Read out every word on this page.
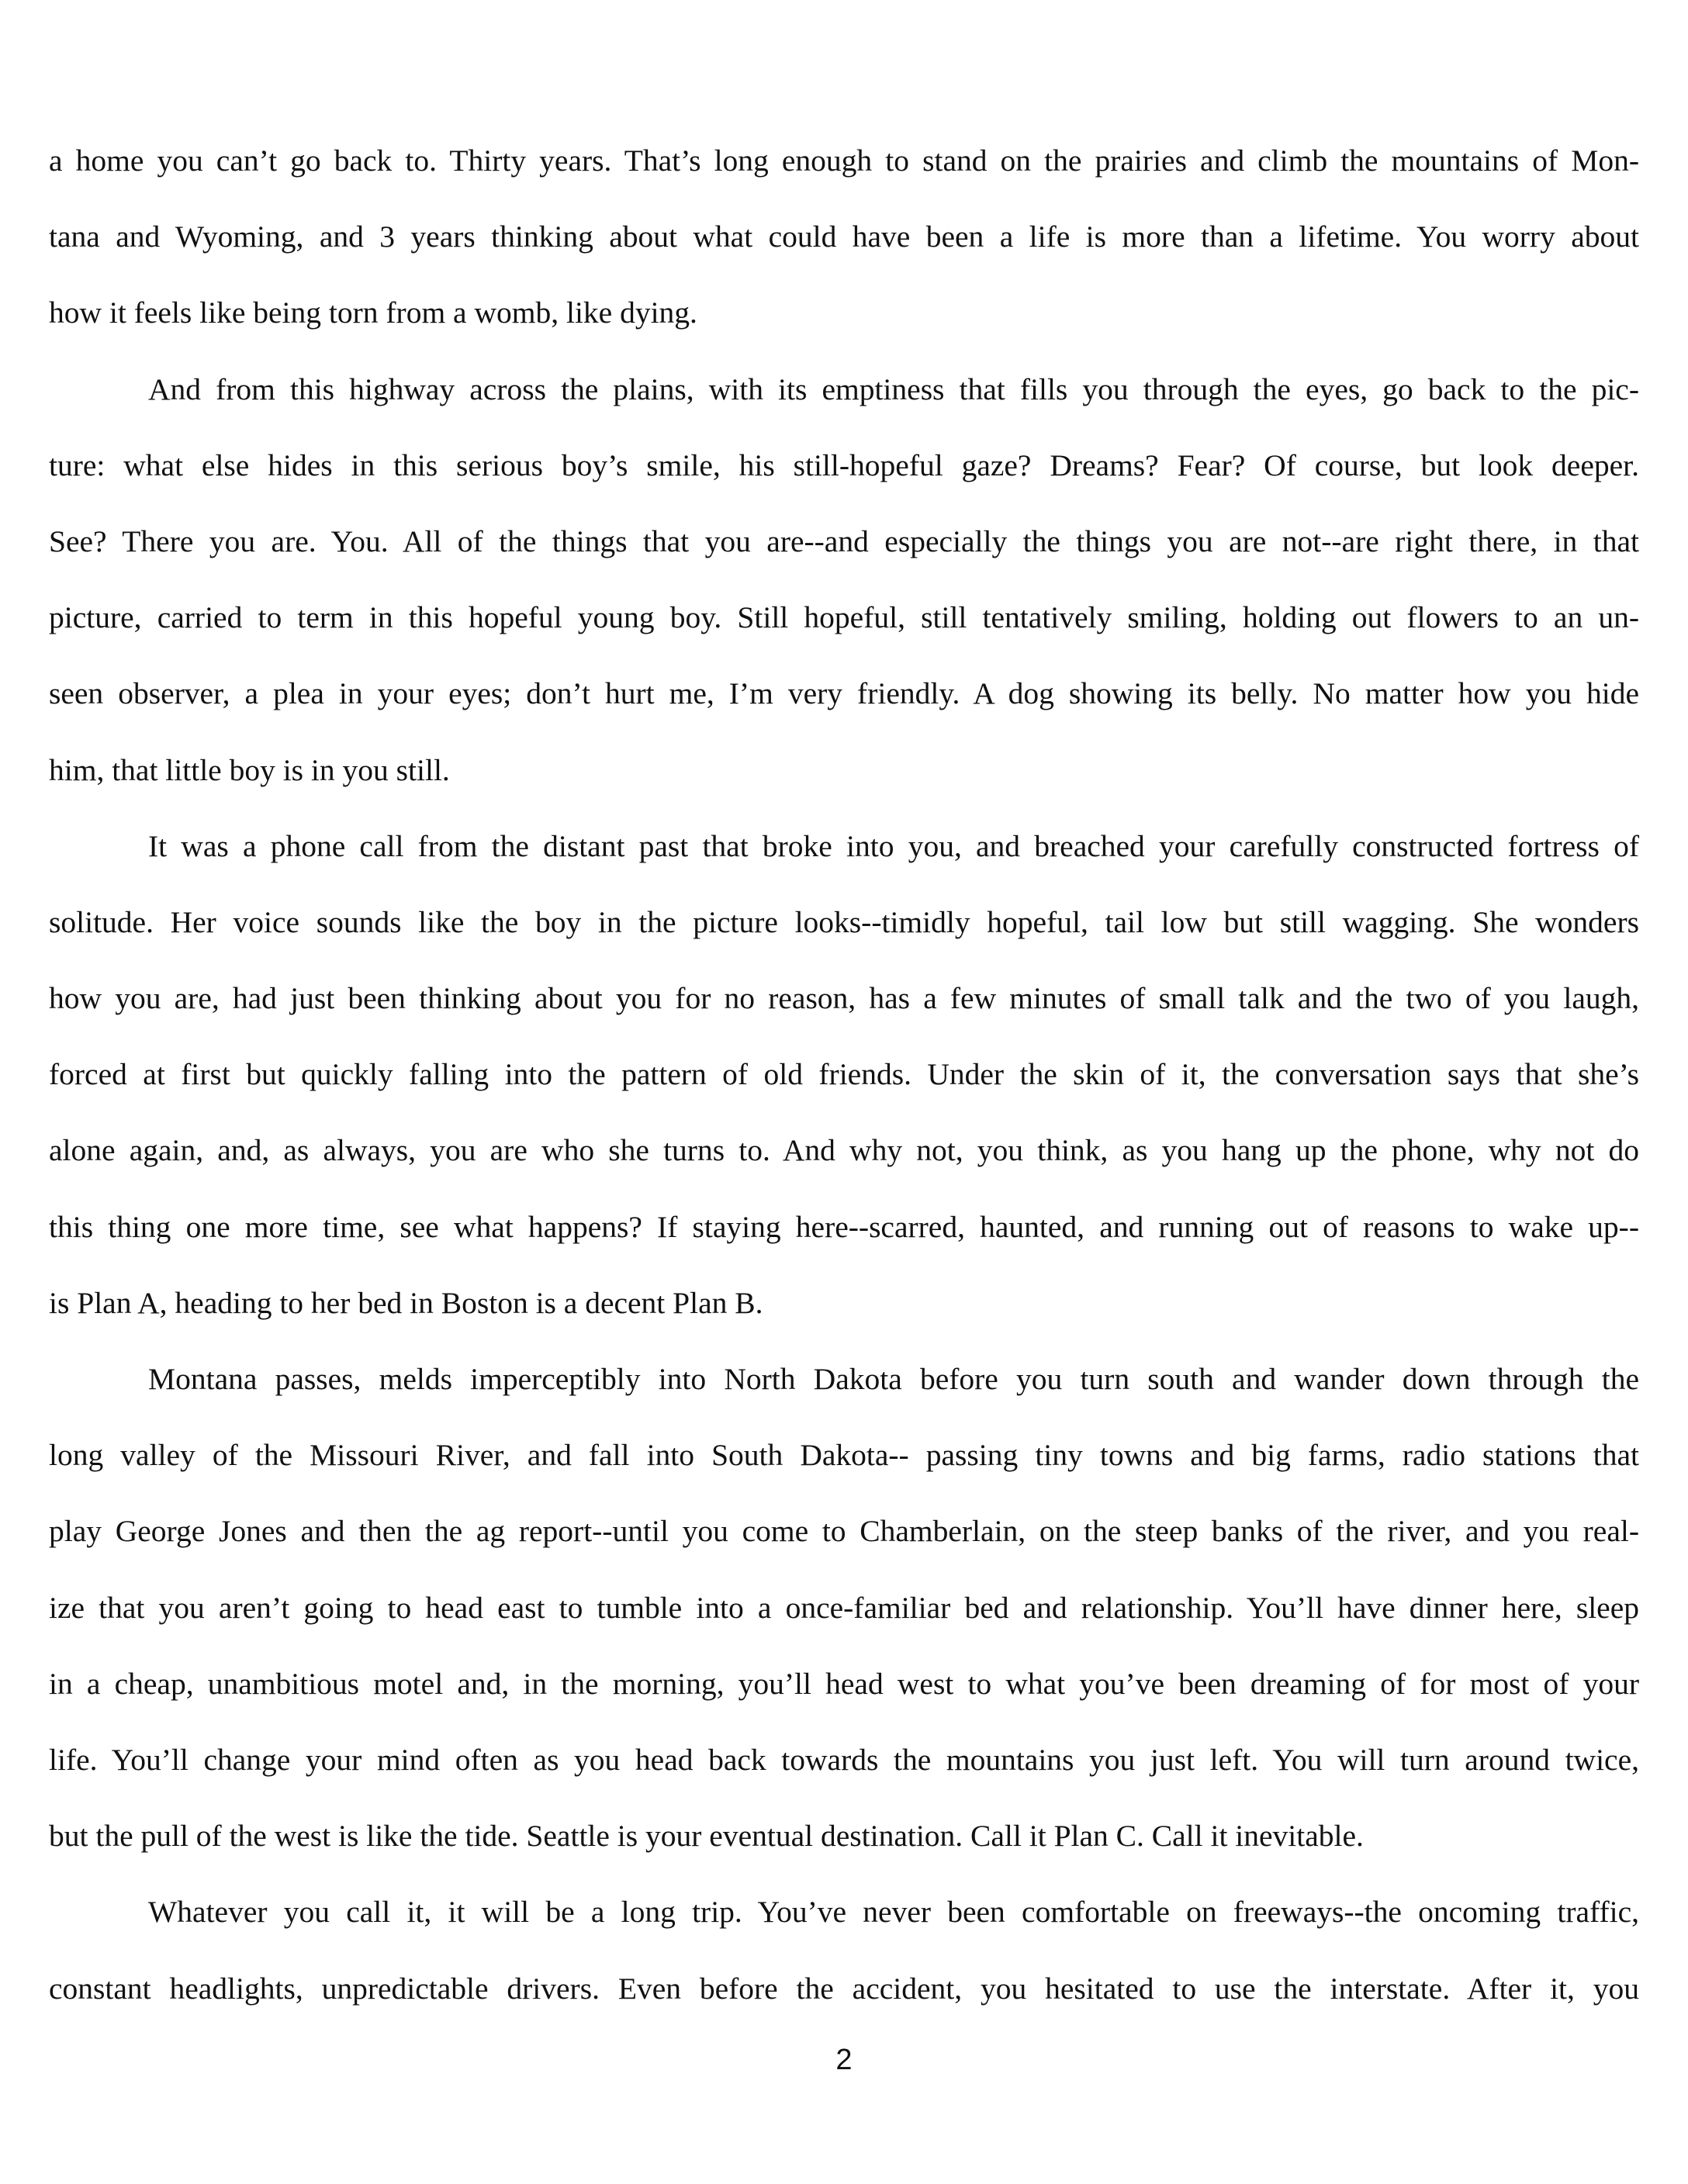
a home you can’t go back to. Thirty years. That’s long enough to stand on the prairies and climb the mountains of Mon-
tana and Wyoming, and 3 years thinking about what could have been a life is more than a lifetime. You worry about
how it feels like being torn from a womb, like dying.
And from this highway across the plains, with its emptiness that fills you through the eyes, go back to the pic-
ture: what else hides in this serious boy’s smile, his still-hopeful gaze? Dreams? Fear? Of course, but look deeper.
See? There you are. You. All of the things that you are--and especially the things you are not--are right there, in that
picture, carried to term in this hopeful young boy. Still hopeful, still tentatively smiling, holding out flowers to an un-
seen observer, a plea in your eyes; don’t hurt me, I’m very friendly. A dog showing its belly. No matter how you hide
him, that little boy is in you still.
It was a phone call from the distant past that broke into you, and breached your carefully constructed fortress of
solitude. Her voice sounds like the boy in the picture looks--timidly hopeful, tail low but still wagging. She wonders
how you are, had just been thinking about you for no reason, has a few minutes of small talk and the two of you laugh,
forced at first but quickly falling into the pattern of old friends. Under the skin of it, the conversation says that she’s
alone again, and, as always, you are who she turns to. And why not, you think, as you hang up the phone, why not do
this thing one more time, see what happens? If staying here--scarred, haunted, and running out of reasons to wake up--
is Plan A, heading to her bed in Boston is a decent Plan B.
Montana passes, melds imperceptibly into North Dakota before you turn south and wander down through the
long valley of the Missouri River, and fall into South Dakota-- passing tiny towns and big farms, radio stations that
play George Jones and then the ag report--until you come to Chamberlain, on the steep banks of the river, and you real-
ize that you aren’t going to head east to tumble into a once-familiar bed and relationship. You’ll have dinner here, sleep
in a cheap, unambitious motel and, in the morning, you’ll head west to what you’ve been dreaming of for most of your
life. You’ll change your mind often as you head back towards the mountains you just left. You will turn around twice,
but the pull of the west is like the tide. Seattle is your eventual destination. Call it Plan C. Call it inevitable.
Whatever you call it, it will be a long trip. You’ve never been comfortable on freeways--the oncoming traffic,
constant headlights, unpredictable drivers. Even before the accident, you hesitated to use the interstate. After it, you
2
